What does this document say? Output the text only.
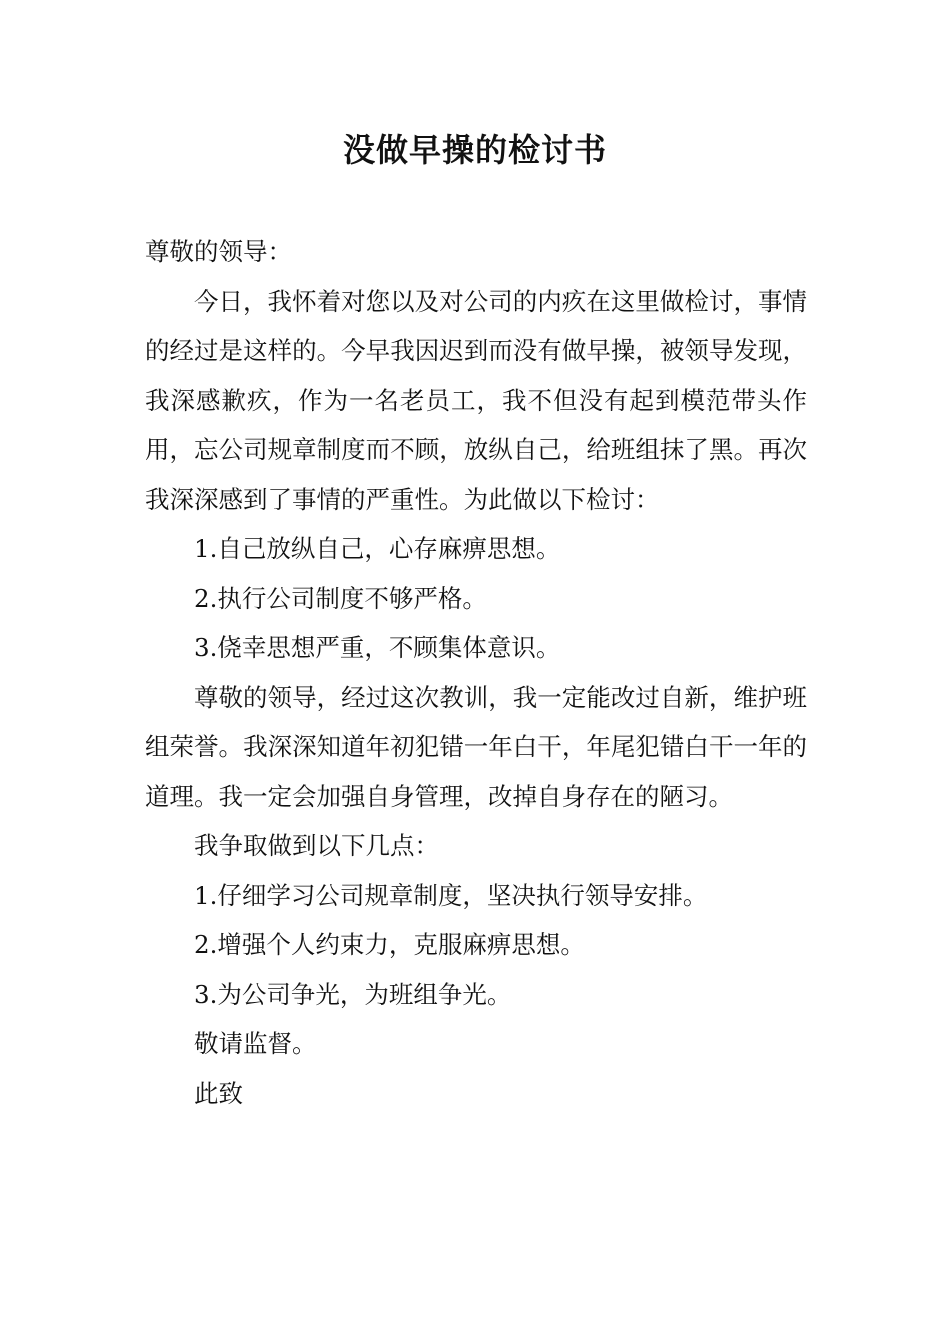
没做早操的检讨书

尊敬的领导：

今日，我怀着对您以及对公司的内疚在这里做检讨，事情的经过是这样的。今早我因迟到而没有做早操，被领导发现，我深感歉疚，作为一名老员工，我不但没有起到模范带头作用，忘公司规章制度而不顾，放纵自己，给班组抹了黑。再次我深深感到了事情的严重性。为此做以下检讨：

1.自己放纵自己，心存麻痹思想。

2.执行公司制度不够严格。

3.侥幸思想严重，不顾集体意识。

尊敬的领导，经过这次教训，我一定能改过自新，维护班组荣誉。我深深知道年初犯错一年白干，年尾犯错白干一年的道理。我一定会加强自身管理，改掉自身存在的陋习。

我争取做到以下几点：

1.仔细学习公司规章制度，坚决执行领导安排。

2.增强个人约束力，克服麻痹思想。

3.为公司争光，为班组争光。

敬请监督。

此致
